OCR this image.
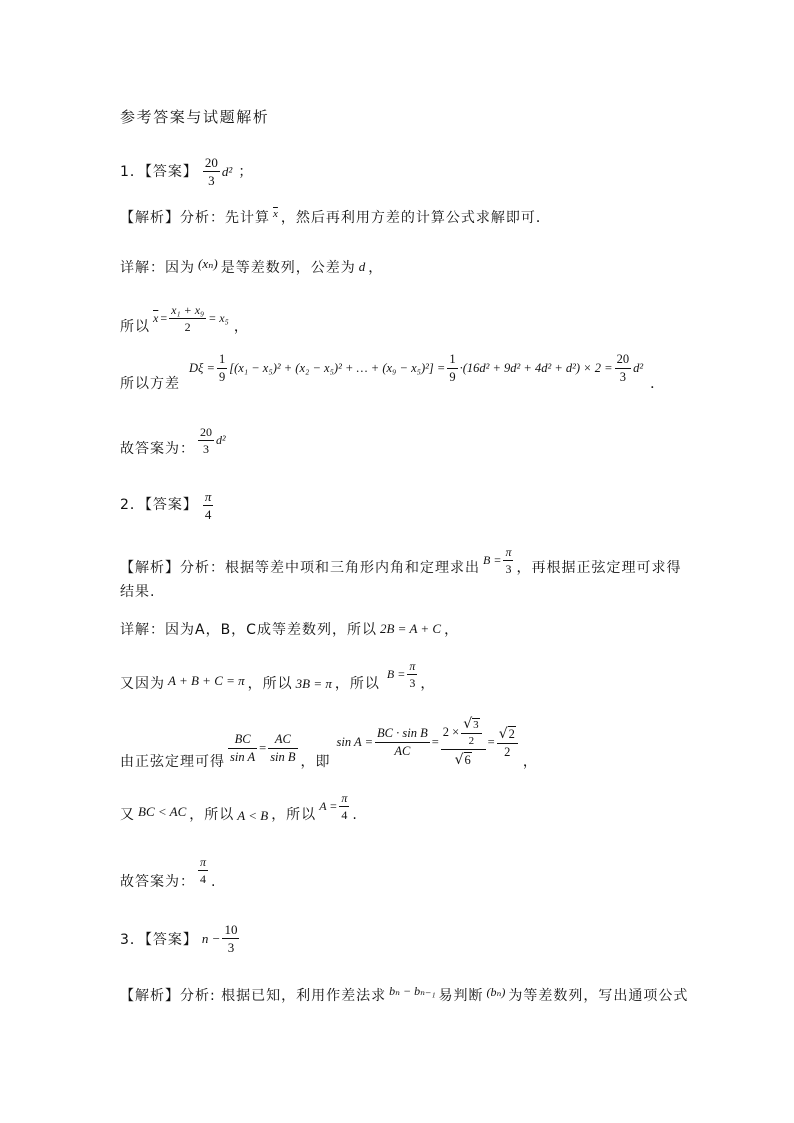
参考答案与试题解析
1．【答案】 $\frac{20}{3} d^2$ ；
【解析】分析：先计算 $\overline{x}$ ，然后再利用方差的计算公式求解即可．
详解：因为 (xₙ) 是等差数列，公差为 d ，
所以
$\overline{x} = \frac{\text{x₁ + x₉}}{2} = x_5$
，
所以方差
$D\xi = \frac{1}{9} [(x_1 - x_5)^2 + (x_2 - x_5)^2$ + … + $(x_9 - x_5)^2] = \frac{1}{9} \cdot(16d^2 + 9d^2 + 4d^2 + d^2) \times 2 = \frac{20}{3} d^2$
．
故答案为： $\frac{20}{3} d^2$
2．【答案】 $\frac{\pi}{4}$
【解析】分析：根据等差中项和三角形内角和定理求出 $B = \frac{\pi}{3}$ ，再根据正弦定理可求得
结果.
详解：因为A，B，C成等差数列，所以 2B = A + C ，
又因为 A + B + C = π ，所以 3B = π ，所以
$B = \frac{\pi}{3}$ ，
由正弦定理可得 $\frac{BC}{\text{sin A}} = \frac{AC}{\text{sin B}}$ ，即
$\sin A = \frac{\text{BC · sin B}}{AC}$ =
$2 \times \frac{√ 3}{2}$
√ 6
= $\frac{√ 2}{2}$
，
又 BC < AC ，所以 A < B ，所以
$A = \frac{\pi}{4}$ .
故答案为： $\frac{\pi}{4}$ .
3．【答案】 $n - \frac{10}{3}$
【解析】分析: 根据已知，利用作差法求 bₙ − bₙ₋₁ 易判断 (bₙ) 为等差数列，写出通项公式
